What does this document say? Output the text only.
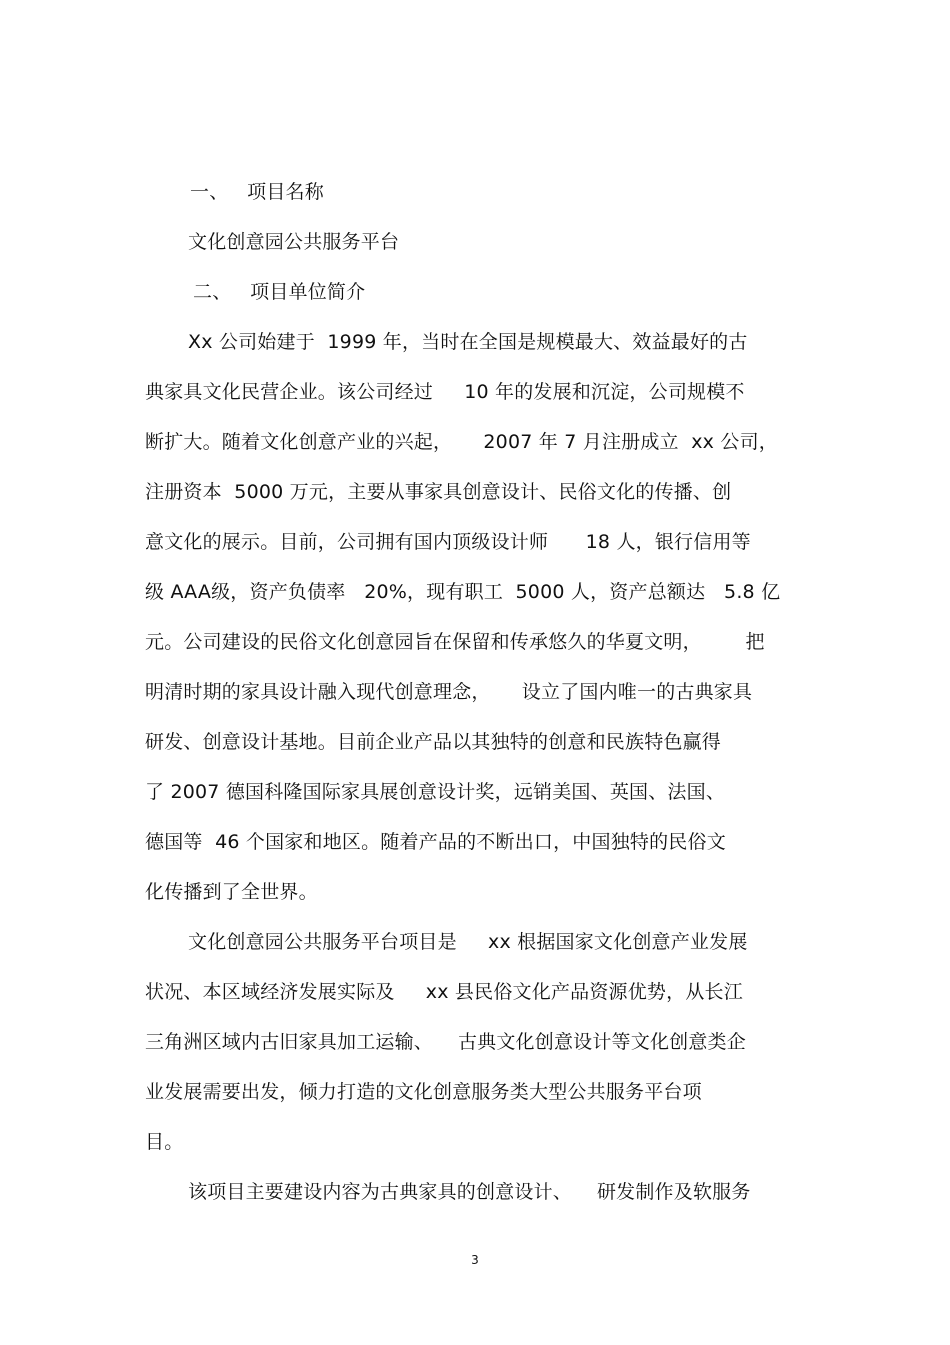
一、   项目名称
文化创意园公共服务平台
二、   项目单位简介
Xx 公司始建于  1999 年，当时在全国是规模最大、效益最好的古
典家具文化民营企业。该公司经过     10 年的发展和沉淀，公司规模不
断扩大。随着文化创意产业的兴起，     2007 年 7 月注册成立  xx 公司，
注册资本  5000 万元，主要从事家具创意设计、民俗文化的传播、创
意文化的展示。目前，公司拥有国内顶级设计师      18 人，银行信用等
级 AAA级，资产负债率   20%，现有职工  5000 人，资产总额达   5.8 亿
元。公司建设的民俗文化创意园旨在保留和传承悠久的华夏文明，       把
明清时期的家具设计融入现代创意理念，     设立了国内唯一的古典家具
研发、创意设计基地。目前企业产品以其独特的创意和民族特色赢得
了 2007 德国科隆国际家具展创意设计奖，远销美国、英国、法国、
德国等  46 个国家和地区。随着产品的不断出口，中国独特的民俗文
化传播到了全世界。
文化创意园公共服务平台项目是     xx 根据国家文化创意产业发展
状况、本区域经济发展实际及     xx 县民俗文化产品资源优势，从长江
三角洲区域内古旧家具加工运输、    古典文化创意设计等文化创意类企
业发展需要出发，倾力打造的文化创意服务类大型公共服务平台项
目。
该项目主要建设内容为古典家具的创意设计、    研发制作及软服务
3
